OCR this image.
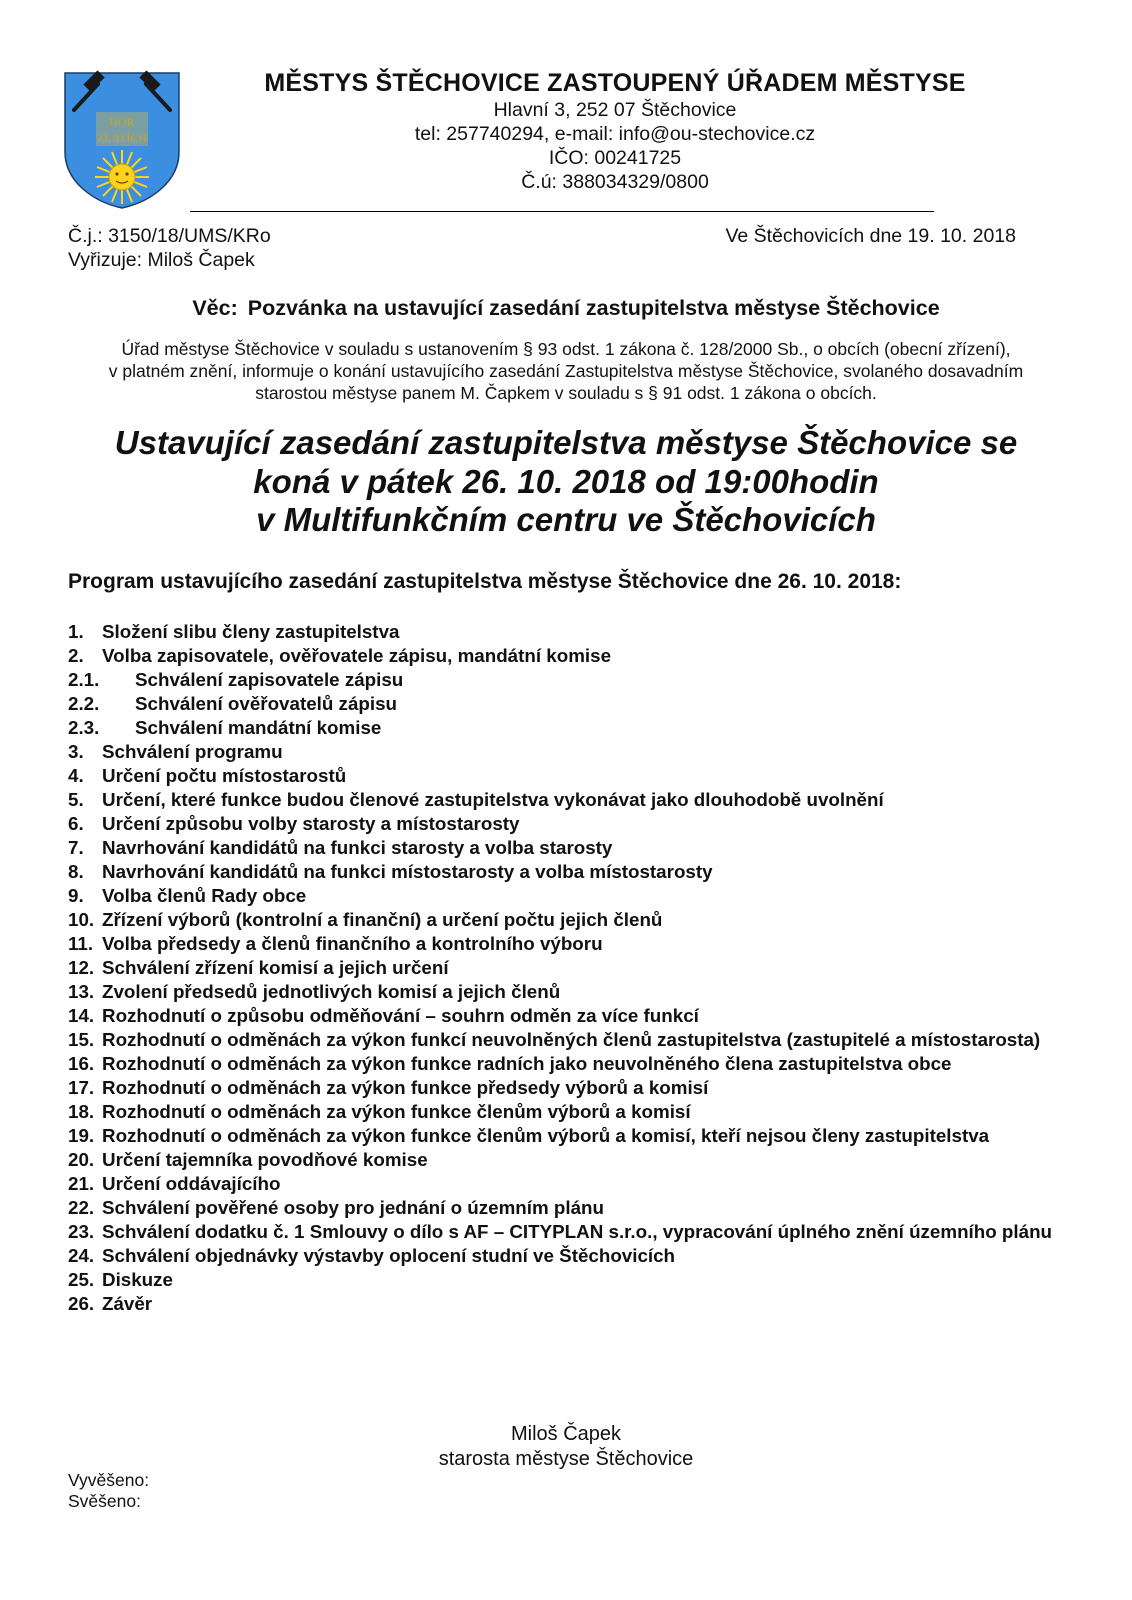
HOR
ZLATÍCH
MĚSTYS ŠTĚCHOVICE ZASTOUPENÝ ÚŘADEM MĚSTYSE
Hlavní 3, 252 07 Štěchovice
tel: 257740294, e-mail: info@ou-stechovice.cz
IČO: 00241725
Č.ú: 388034329/0800
Č.j.: 3150/18/UMS/KRo
Vyřizuje: Miloš Čapek
Ve Štěchovicích dne 19. 10. 2018
Věc: Pozvánka na ustavující zasedání zastupitelstva městyse Štěchovice
Úřad městyse Štěchovice v souladu s ustanovením § 93 odst. 1 zákona č. 128/2000 Sb., o obcích (obecní zřízení),
v platném znění, informuje o konání ustavujícího zasedání Zastupitelstva městyse Štěchovice, svolaného dosavadním
starostou městyse panem M. Čapkem v souladu s § 91 odst. 1 zákona o obcích.
Ustavující zasedání zastupitelstva městyse Štěchovice se
koná v pátek 26. 10. 2018 od 19:00hodin
v Multifunkčním centru ve Štěchovicích
Program ustavujícího zasedání zastupitelstva městyse Štěchovice dne 26. 10. 2018:
1. Složení slibu členy zastupitelstva
2. Volba zapisovatele, ověřovatele zápisu, mandátní komise
2.1.	Schválení zapisovatele zápisu
2.2.	Schválení ověřovatelů zápisu
2.3.	Schválení mandátní komise
3. Schválení programu
4. Určení počtu místostarostů
5. Určení, které funkce budou členové zastupitelstva vykonávat jako dlouhodobě uvolnění
6. Určení způsobu volby starosty a místostarosty
7. Navrhování kandidátů na funkci starosty a volba starosty
8. Navrhování kandidátů na funkci místostarosty a volba místostarosty
9. Volba členů Rady obce
10. Zřízení výborů (kontrolní a finanční) a určení počtu jejich členů
11. Volba předsedy a členů finančního a kontrolního výboru
12. Schválení zřízení komisí a jejich určení
13. Zvolení předsedů jednotlivých komisí a jejich členů
14. Rozhodnutí o způsobu odměňování – souhrn odměn za více funkcí
15. Rozhodnutí o odměnách za výkon funkcí neuvolněných členů zastupitelstva (zastupitelé a místostarosta)
16. Rozhodnutí o odměnách za výkon funkce radních jako neuvolněného člena zastupitelstva obce
17. Rozhodnutí o odměnách za výkon funkce předsedy výborů a komisí
18. Rozhodnutí o odměnách za výkon funkce členům výborů a komisí
19. Rozhodnutí o odměnách za výkon funkce členům výborů a komisí, kteří nejsou členy zastupitelstva
20. Určení tajemníka povodňové komise
21. Určení oddávajícího
22. Schválení pověřené osoby pro jednání o územním plánu
23. Schválení dodatku č. 1 Smlouvy o dílo s AF – CITYPLAN s.r.o., vypracování úplného znění územního plánu
24. Schválení objednávky výstavby oplocení studní ve Štěchovicích
25. Diskuze
26. Závěr
Miloš Čapek
starosta městyse Štěchovice
Vyvěšeno:
Svěšeno:
